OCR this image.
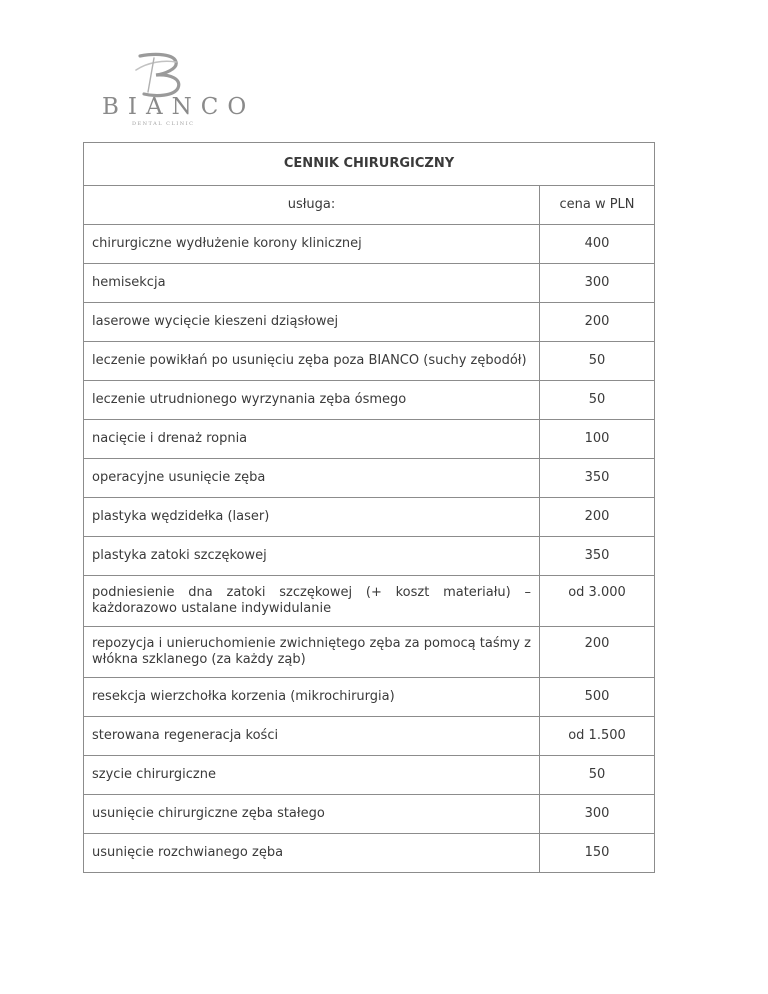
BIANCO
DENTAL CLINIC
CENNIK CHIRURGICZNY	
usługa:	cena w PLN
chirurgiczne wydłużenie korony klinicznej	400
hemisekcja	300
laserowe wycięcie kieszeni dziąsłowej	200
leczenie powikłań po usunięciu zęba poza BIANCO (suchy zębodół)	50
leczenie utrudnionego wyrzynania zęba ósmego	50
nacięcie i drenaż ropnia	100
operacyjne usunięcie zęba	350
plastyka wędzidełka (laser)	200
plastyka zatoki szczękowej	350
podniesienie dna zatoki szczękowej (+ koszt materiału) – każdorazowo ustalane indywidulanie	od 3.000
repozycja i unieruchomienie zwichniętego zęba za pomocą taśmy z włókna szklanego (za każdy ząb)	200
resekcja wierzchołka korzenia (mikrochirurgia)	500
sterowana regeneracja kości	od 1.500
szycie chirurgiczne	50
usunięcie chirurgiczne zęba stałego	300
usunięcie rozchwianego zęba	150
